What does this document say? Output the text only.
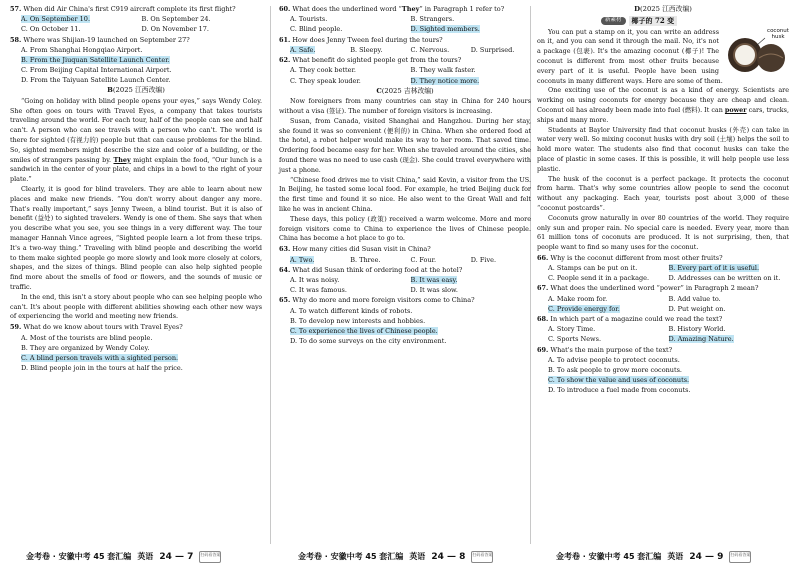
57. When did Air China's first C919 aircraft complete its first flight?
A. On September 10.	B. On September 24.
C. On October 11.	D. On November 17.
58. Where was Shijian-19 launched on September 27?
A. From Shanghai Hongqiao Airport.
B. From the Jiuquan Satellite Launch Center.
C. From Beijing Capital International Airport.
D. From the Taiyuan Satellite Launch Center.
B(2025 江西改编)

“Going on holiday with blind people opens your eyes,” says Wendy Coley. She often goes on tours with Travel Eyes, a company that takes tourists traveling around the world. For each tour, half of the people can see and half can't. A person who can see travels with a person who can't. The world is there for sighted (有视力的) people but that can cause problems for the blind. So, sighted members might describe the size and color of a building, or the smiles of strangers passing by. They might explain the food, “Our lunch is a sandwich in the center of your plate, and chips in a bowl to the right of your plate.”

Clearly, it is good for blind travelers. They are able to learn about new places and make new friends. “You don't worry about danger any more. That's really important,” says Jenny Tween, a blind tourist. But it is also of benefit (益处) to sighted travelers. Wendy is one of them. She says that when you describe what you see, you see things in a very different way. The tour manager Hannah Vince agrees, “Sighted people learn a lot from these trips. It's a two-way thing.” Traveling with blind people and describing the world to them make sighted people go more slowly and look more closely at colors, shapes, and the sizes of things. Blind people can also help sighted people find more about the smells of food or flowers, and the sounds of music or traffic.

In the end, this isn't a story about people who can see helping people who can't. It's about people with different abilities showing each other new ways of experiencing the world and meeting new friends.

59. What do we know about tours with Travel Eyes?
A. Most of the tourists are blind people.
B. They are organized by Wendy Coley.
C. A blind person travels with a sighted person.
D. Blind people join in the tours at half the price.
60. What does the underlined word “They” in Paragraph 1 refer to?
A. Tourists.	B. Strangers.
C. Blind people.	D. Sighted members.
61. How does Jenny Tween feel during the tours?
A. Safe.	B. Sleepy.	C. Nervous.	D. Surprised.
62. What benefit do sighted people get from the tours?
A. They cook better.	B. They walk faster.
C. They speak louder.	D. They notice more.
C(2025 吉林改编)

Now foreigners from many countries can stay in China for 240 hours without a visa (签证). The number of foreign visitors is increasing.

Susan, from Canada, visited Shanghai and Hangzhou. During her stay, she found it was so convenient (便利的) in China. When she ordered food at the hotel, a robot helper would make its way to her room. That saved time. Ordering food became easy for her. When she traveled around the cities, she found there was no need to use cash (现金). She could travel everywhere with just a phone.

“Chinese food drives me to visit China,” said Kevin, a visitor from the US. In Beijing, he tasted some local food. For example, he tried Beijing duck for the first time and found it so nice. He also went to the Great Wall and felt like he was in ancient China.

These days, this policy (政策) received a warm welcome. More and more foreign visitors come to China to experience the lives of Chinese people. China has become a hot place to go to.

63. How many cities did Susan visit in China?
A. Two.	B. Three.	C. Four.	D. Five.
64. What did Susan think of ordering food at the hotel?
A. It was noisy.	B. It was easy.
C. It was famous.	D. It was slow.
65. Why do more and more foreign visitors come to China?
A. To watch different kinds of robots.
B. To develop new interests and hobbies.
C. To experience the lives of Chinese people.
D. To do some surveys on the city environment.
D(2025 江西改编)
新素材	椰子的 72 变
coconut husk

You can put a stamp on it, you can write an address on it, and you can send it through the mail. No, it's not a package (包裹). It's the amazing coconut (椰子)! The coconut is different from most other fruits because every part of it is useful. People have been using coconuts in many different ways. Here are some of them.

One exciting use of the coconut is as a kind of energy. Scientists are working on using coconuts for energy because they are cheap and clean. Coconut oil has already been made into fuel (燃料). It can power cars, trucks, ships and many more.

Students at Baylor University find that coconut husks (外壳) can take in water very well. So mixing coconut husks with dry soil (土壤) helps the soil to hold more water. The students also find that coconut husks can take the place of plastic in some cases. If this is possible, it will help people use less plastic.

The husk of the coconut is a perfect package. It protects the coconut from harm. That's why some countries allow people to send the coconut without any packaging. Each year, tourists post about 3,000 of these “coconut postcards”.

Coconuts grow naturally in over 80 countries of the world. They require only sun and proper rain. No special care is needed. Every year, more than 61 million tons of coconuts are produced. It is not surprising, then, that people want to find so many uses for the coconut.

66. Why is the coconut different from most other fruits?
A. Stamps can be put on it.	B. Every part of it is useful.
C. People send it in a package.	D. Addresses can be written on it.
67. What does the underlined word “power” in Paragraph 2 mean?
A. Make room for.	B. Add value to.
C. Provide energy for.	D. Put weight on.
68. In which part of a magazine could we read the text?
A. Story Time.	B. History World.
C. Sports News.	D. Amazing Nature.
69. What's the main purpose of the text?
A. To advise people to protect coconuts.
B. To ask people to grow more coconuts.
C. To show the value and uses of coconuts.
D. To introduce a fuel made from coconuts.
金考卷 · 安徽中考 45 套汇编 英语 24 — 7 扫码看答案	金考卷 · 安徽中考 45 套汇编 英语 24 — 8 扫码看答案	金考卷 · 安徽中考 45 套汇编 英语 24 — 9 扫码看答案
